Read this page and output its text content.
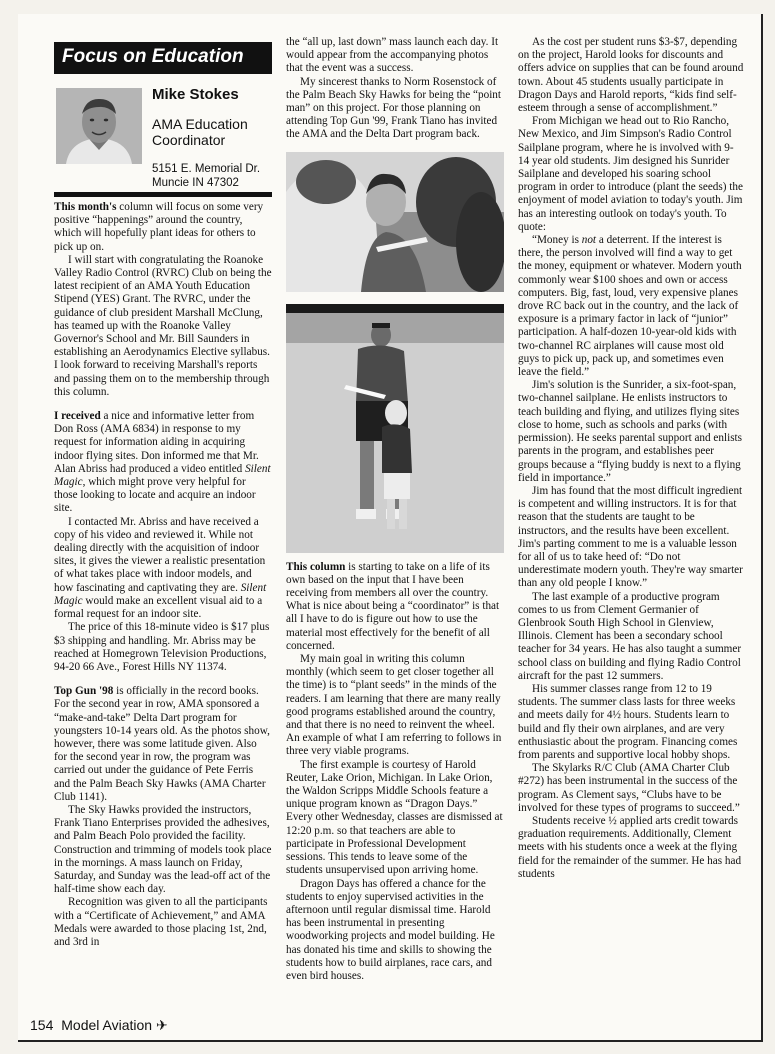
Focus on Education
Mike Stokes
AMA Education
Coordinator
5151 E. Memorial Dr.
Muncie IN 47302

This month's column will focus on some very positive “happenings” around the country, which will hopefully plant ideas for others to pick up on.

I will start with congratulating the Roanoke Valley Radio Control (RVRC) Club on being the latest recipient of an AMA Youth Education Stipend (YES) Grant. The RVRC, under the guidance of club president Marshall McClung, has teamed up with the Roanoke Valley Governor's School and Mr. Bill Saunders in establishing an Aerodynamics Elective syllabus. I look forward to receiving Marshall's reports and passing them on to the membership through this column.

I received a nice and informative letter from Don Ross (AMA 6834) in response to my request for information aiding in acquiring indoor flying sites. Don informed me that Mr. Alan Abriss had produced a video entitled Silent Magic, which might prove very helpful for those looking to locate and acquire an indoor site.

I contacted Mr. Abriss and have received a copy of his video and reviewed it. While not dealing directly with the acquisition of indoor sites, it gives the viewer a realistic presentation of what takes place with indoor models, and how fascinating and captivating they are. Silent Magic would make an excellent visual aid to a formal request for an indoor site.

The price of this 18-minute video is $17 plus $3 shipping and handling. Mr. Abriss may be reached at Homegrown Television Productions, 94-20 66 Ave., Forest Hills NY 11374.

Top Gun '98 is officially in the record books. For the second year in row, AMA sponsored a “make-and-take” Delta Dart program for youngsters 10-14 years old. As the photos show, however, there was some latitude given. Also for the second year in row, the program was carried out under the guidance of Pete Ferris and the Palm Beach Sky Hawks (AMA Charter Club 1141).

The Sky Hawks provided the instructors, Frank Tiano Enterprises provided the adhesives, and Palm Beach Polo provided the facility. Construction and trimming of models took place in the mornings. A mass launch on Friday, Saturday, and Sunday was the lead-off act of the half-time show each day.

Recognition was given to all the participants with a “Certificate of Achievement,” and AMA Medals were awarded to those placing 1st, 2nd, and 3rd in

the “all up, last down” mass launch each day. It would appear from the accompanying photos that the event was a success.

My sincerest thanks to Norm Rosenstock of the Palm Beach Sky Hawks for being the “point man” on this project. For those planning on attending Top Gun '99, Frank Tiano has invited the AMA and the Delta Dart program back.

This column is starting to take on a life of its own based on the input that I have been receiving from members all over the country. What is nice about being a “coordinator” is that all I have to do is figure out how to use the material most effectively for the benefit of all concerned.

My main goal in writing this column monthly (which seem to get closer together all the time) is to “plant seeds” in the minds of the readers. I am learning that there are many really good programs established around the country, and that there is no need to reinvent the wheel. An example of what I am referring to follows in three very viable programs.

The first example is courtesy of Harold Reuter, Lake Orion, Michigan. In Lake Orion, the Waldon Scripps Middle Schools feature a unique program known as “Dragon Days.” Every other Wednesday, classes are dismissed at 12:20 p.m. so that teachers are able to participate in Professional Development sessions. This tends to leave some of the students unsupervised upon arriving home.

Dragon Days has offered a chance for the students to enjoy supervised activities in the afternoon until regular dismissal time. Harold has been instrumental in presenting woodworking projects and model building. He has donated his time and skills to showing the students how to build airplanes, race cars, and even bird houses.

As the cost per student runs $3-$7, depending on the project, Harold looks for discounts and offers advice on supplies that can be found around town. About 45 students usually participate in Dragon Days and Harold reports, “kids find self-esteem through a sense of accomplishment.”

From Michigan we head out to Rio Rancho, New Mexico, and Jim Simpson's Radio Control Sailplane program, where he is involved with 9-14 year old students. Jim designed his Sunrider Sailplane and developed his soaring school program in order to introduce (plant the seeds) the enjoyment of model aviation to today's youth. Jim has an interesting outlook on today's youth. To quote:

“Money is not a deterrent. If the interest is there, the person involved will find a way to get the money, equipment or whatever. Modern youth commonly wear $100 shoes and own or access computers. Big, fast, loud, very expensive planes drove RC back out in the country, and the lack of exposure is a primary factor in lack of “junior” participation. A half-dozen 10-year-old kids with two-channel RC airplanes will cause most old guys to pick up, pack up, and sometimes even leave the field.”

Jim's solution is the Sunrider, a six-foot-span, two-channel sailplane. He enlists instructors to teach building and flying, and utilizes flying sites close to home, such as schools and parks (with permission). He seeks parental support and enlists parents in the program, and establishes peer groups because a “flying buddy is next to a flying field in importance.”

Jim has found that the most difficult ingredient is competent and willing instructors. It is for that reason that the students are taught to be instructors, and the results have been excellent. Jim's parting comment to me is a valuable lesson for all of us to take heed of: “Do not underestimate modern youth. They're way smarter than any old people I know.”

The last example of a productive program comes to us from Clement Germanier of Glenbrook South High School in Glenview, Illinois. Clement has been a secondary school teacher for 34 years. He has also taught a summer school class on building and flying Radio Control aircraft for the past 12 summers.

His summer classes range from 12 to 19 students. The summer class lasts for three weeks and meets daily for 4½ hours. Students learn to build and fly their own airplanes, and are very enthusiastic about the program. Financing comes from parents and supportive local hobby shops.

The Skylarks R/C Club (AMA Charter Club #272) has been instrumental in the success of the program. As Clement says, “Clubs have to be involved for these types of programs to succeed.”

Students receive ½ applied arts credit towards graduation requirements. Additionally, Clement meets with his students once a week at the flying field for the remainder of the summer. He has had students

154 Model Aviation ✈
